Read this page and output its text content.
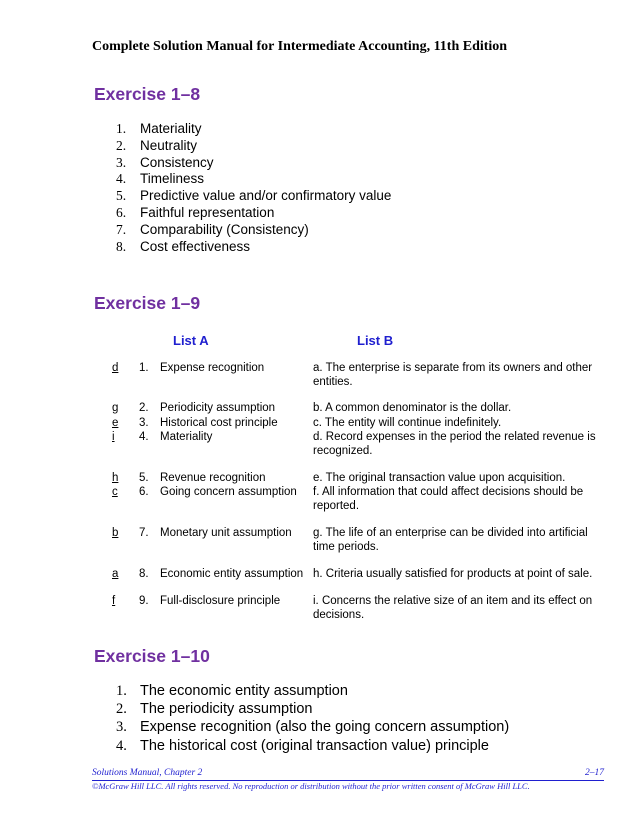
Complete Solution Manual for Intermediate Accounting, 11th Edition
Exercise 1–8
1. Materiality
2. Neutrality
3. Consistency
4. Timeliness
5. Predictive value and/or confirmatory value
6. Faithful representation
7. Comparability (Consistency)
8. Cost effectiveness
Exercise 1–9
List A	List B
d 1. Expense recognition	a. The enterprise is separate from its owners and other
entities.
g 2. Periodicity assumption	b. A common denominator is the dollar.
e 3. Historical cost principle	c. The entity will continue indefinitely.
i 4. Materiality	d. Record expenses in the period the related revenue is
recognized.
h 5. Revenue recognition	e. The original transaction value upon acquisition.
c 6. Going concern assumption f. All information that could affect decisions should be
reported.
b 7. Monetary unit assumption g. The life of an enterprise can be divided into artificial
time periods.
a 8. Economic entity assumption h. Criteria usually satisfied for products at point of sale.
f 9. Full-disclosure principle	i. Concerns the relative size of an item and its effect on
decisions.
Exercise 1–10
1. The economic entity assumption
2. The periodicity assumption
3. Expense recognition (also the going concern assumption)
4. The historical cost (original transaction value) principle
Solutions Manual, Chapter 2	2–17
©McGraw Hill LLC. All rights reserved. No reproduction or distribution without the prior written consent of McGraw Hill LLC.
